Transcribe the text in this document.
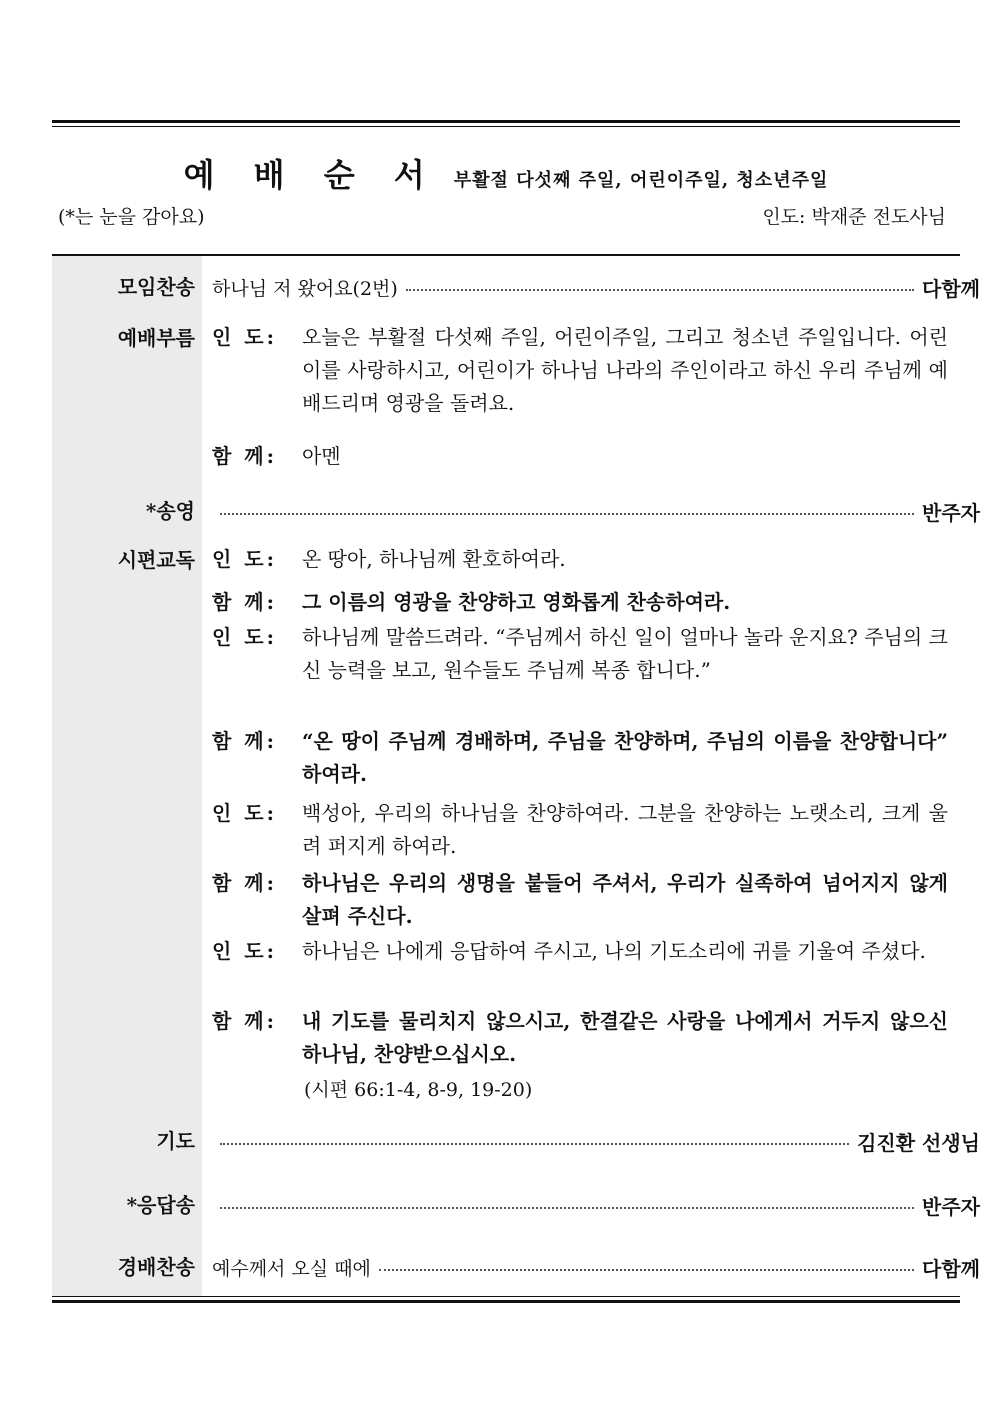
예 배 순 서 부활절 다섯째 주일, 어린이주일, 청소년주일
(*는 눈을 감아요)	인도: 박재준 전도사님
모임찬송 하나님 저 왔어요(2번)	다함께
예배부름 인 도:	오늘은 부활절 다섯째 주일, 어린이주일, 그리고 청소년 주일입니다. 어린이를 사랑하시고, 어린이가 하나님 나라의 주인이라고 하신 우리 주님께 예배드리며 영광을 돌려요.
함 께:	아멘
*송영	반주자
시편교독 인 도:	온 땅아, 하나님께 환호하여라.
함 께:	그 이름의 영광을 찬양하고 영화롭게 찬송하여라.
인 도:	하나님께 말씀드려라. “주님께서 하신 일이 얼마나 놀라 운지요? 주님의 크신 능력을 보고, 원수들도 주님께 복종 합니다.”
함 께:	“온 땅이 주님께 경배하며, 주님을 찬양하며, 주님의 이름을 찬양합니다” 하여라.
인 도:	백성아, 우리의 하나님을 찬양하여라. 그분을 찬양하는 노랫소리, 크게 울려 퍼지게 하여라.
함 께:	하나님은 우리의 생명을 붙들어 주셔서, 우리가 실족하여 넘어지지 않게 살펴 주신다.
인 도:	하나님은 나에게 응답하여 주시고, 나의 기도소리에 귀를 기울여 주셨다.
함 께:	내 기도를 물리치지 않으시고, 한결같은 사랑을 나에게서 거두지 않으신 하나님, 찬양받으십시오.
(시편 66:1-4, 8-9, 19-20)
기도	김진환 선생님
*응답송	반주자
경배찬송 예수께서 오실 때에	다함께
